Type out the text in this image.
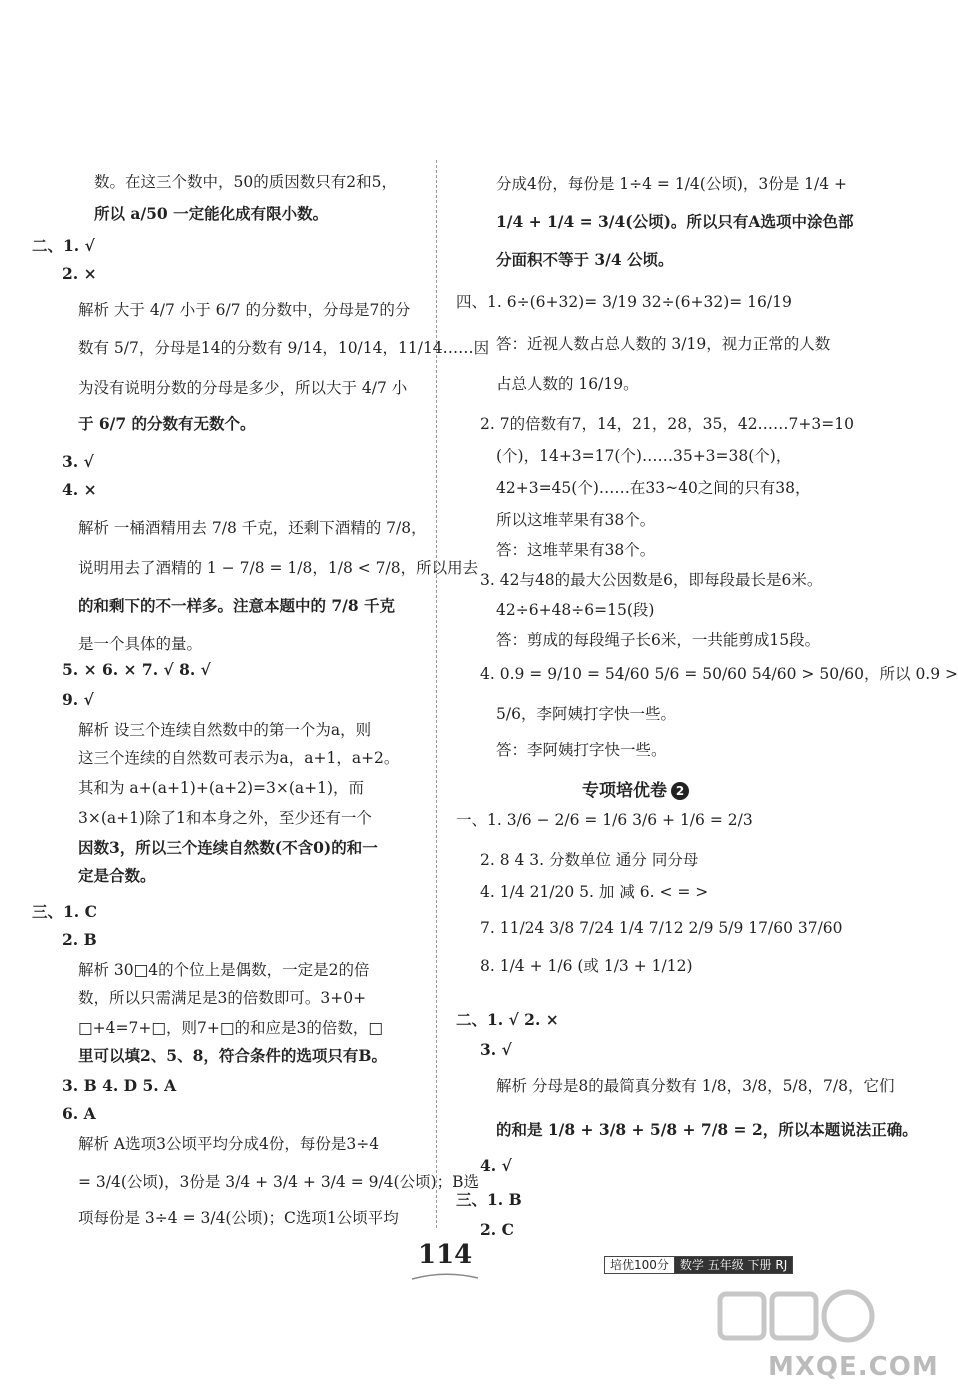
数。在这三个数中，50的质因数只有2和5，
所以 a/50 一定能化成有限小数。
二、1. √
2. ×
解析 大于 4/7 小于 6/7 的分数中，分母是7的分
数有 5/7，分母是14的分数有 9/14，10/14，11/14……因
为没有说明分数的分母是多少，所以大于 4/7 小
于 6/7 的分数有无数个。
3. √
4. ×
解析 一桶酒精用去 7/8 千克，还剩下酒精的 7/8，
说明用去了酒精的 1 − 7/8 = 1/8，1/8 < 7/8，所以用去
的和剩下的不一样多。注意本题中的 7/8 千克
是一个具体的量。
5. × 6. × 7. √ 8. √
9. √
解析 设三个连续自然数中的第一个为a，则
这三个连续的自然数可表示为a，a+1，a+2。
其和为 a+(a+1)+(a+2)=3×(a+1)，而
3×(a+1)除了1和本身之外，至少还有一个
因数3，所以三个连续自然数(不含0)的和一
定是合数。
三、1. C
2. B
解析 30□4的个位上是偶数，一定是2的倍
数，所以只需满足是3的倍数即可。3+0+
□+4=7+□，则7+□的和应是3的倍数，□
里可以填2、5、8，符合条件的选项只有B。
3. B 4. D 5. A
6. A
解析 A选项3公顷平均分成4份，每份是3÷4
= 3/4(公顷)，3份是 3/4 + 3/4 + 3/4 = 9/4(公顷)；B选
项每份是 3÷4 = 3/4(公顷)；C选项1公顷平均
分成4份，每份是 1÷4 = 1/4(公顷)，3份是 1/4 +
1/4 + 1/4 = 3/4(公顷)。所以只有A选项中涂色部
分面积不等于 3/4 公顷。
四、1. 6÷(6+32)= 3/19 32÷(6+32)= 16/19
答：近视人数占总人数的 3/19，视力正常的人数
占总人数的 16/19。
2. 7的倍数有7，14，21，28，35，42……7+3=10
(个)，14+3=17(个)……35+3=38(个)，
42+3=45(个)……在33~40之间的只有38，
所以这堆苹果有38个。
答：这堆苹果有38个。
3. 42与48的最大公因数是6，即每段最长是6米。
42÷6+48÷6=15(段)
答：剪成的每段绳子长6米，一共能剪成15段。
4. 0.9 = 9/10 = 54/60 5/6 = 50/60 54/60 > 50/60，所以 0.9 >
5/6，李阿姨打字快一些。
答：李阿姨打字快一些。
一、1. 3/6 − 2/6 = 1/6 3/6 + 1/6 = 2/3
2. 8 4 3. 分数单位 通分 同分母
4. 1/4 21/20 5. 加 减 6. < = >
7. 11/24 3/8 7/24 1/4 7/12 2/9 5/9 17/60 37/60
8. 1/4 + 1/6 (或 1/3 + 1/12)
二、1. √ 2. ×
3. √
解析 分母是8的最简真分数有 1/8，3/8，5/8，7/8，它们
的和是 1/8 + 3/8 + 5/8 + 7/8 = 2，所以本题说法正确。
4. √
三、1. B
2. C
专项培优卷 2
114	培优100分 数学 五年级 下册 RJ
MXQE.COM
